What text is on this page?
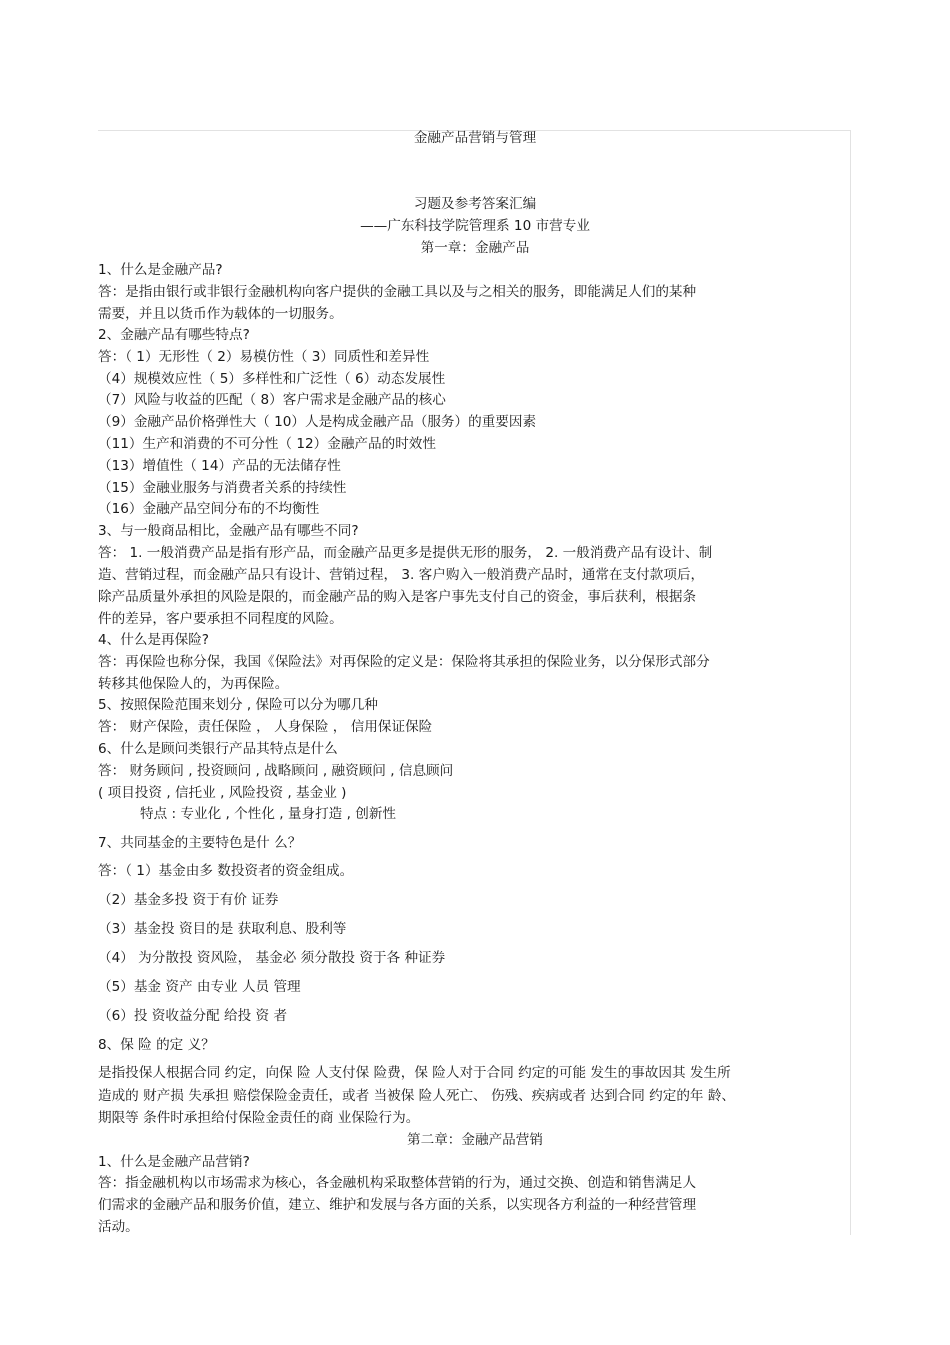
金融产品营销与管理
习题及参考答案汇编
——广东科技学院管理系 10 市营专业
第一章：金融产品
1、什么是金融产品?
答：是指由银行或非银行金融机构向客户提供的金融工具以及与之相关的服务，即能满足人们的某种
需要，并且以货币作为载体的一切服务。
2、金融产品有哪些特点?
答：（ 1）无形性（ 2）易模仿性（ 3）同质性和差异性
（4）规模效应性（ 5）多样性和广泛性（ 6）动态发展性
（7）风险与收益的匹配（ 8）客户需求是金融产品的核心
（9）金融产品价格弹性大（ 10）人是构成金融产品（服务）的重要因素
（11）生产和消费的不可分性（ 12）金融产品的时效性
（13）增值性（ 14）产品的无法储存性
（15）金融业服务与消费者关系的持续性
（16）金融产品空间分布的不均衡性
3、与一般商品相比，金融产品有哪些不同?
答： 1. 一般消费产品是指有形产品，而金融产品更多是提供无形的服务， 2. 一般消费产品有设计、制
造、营销过程，而金融产品只有设计、营销过程， 3. 客户购入一般消费产品时，通常在支付款项后，
除产品质量外承担的风险是限的，而金融产品的购入是客户事先支付自己的资金，事后获利，根据条
件的差异，客户要承担不同程度的风险。
4、什么是再保险?
答：再保险也称分保，我国《保险法》对再保险的定义是：保险将其承担的保险业务，以分保形式部分
转移其他保险人的，为再保险。
5、按照保险范围来划分 , 保险可以分为哪几种
答： 财产保险，责任保险 ， 人身保险 ， 信用保证保险
6、什么是顾问类银行产品其特点是什么
答： 财务顾问 , 投资顾问 , 战略顾问 , 融资顾问 , 信息顾问
( 项目投资 , 信托业 , 风险投资 , 基金业 )
特点 : 专业化 , 个性化 , 量身打造 , 创新性
7、共同基金的主要特色是什 么？
答：（ 1）基金由多 数投资者的资金组成。
（2）基金多投 资于有价 证券
（3）基金投 资目的是 获取利息、股利等
（4） 为分散投 资风险， 基金必 须分散投 资于各 种证券
（5）基金 资产 由专业 人员 管理
（6）投 资收益分配 给投 资 者
8、保 险 的定 义？
是指投保人根据合同 约定，向保 险 人支付保 险费，保 险人对于合同 约定的可能 发生的事故因其 发生所
造成的 财产损 失承担 赔偿保险金责任，或者 当被保 险人死亡、 伤残、疾病或者 达到合同 约定的年 龄、
期限等 条件时承担给付保险金责任的商 业保险行为。
第二章：金融产品营销
1、什么是金融产品营销?
答：指金融机构以市场需求为核心，各金融机构采取整体营销的行为，通过交换、创造和销售满足人
们需求的金融产品和服务价值，建立、维护和发展与各方面的关系，以实现各方利益的一种经营管理
活动。
